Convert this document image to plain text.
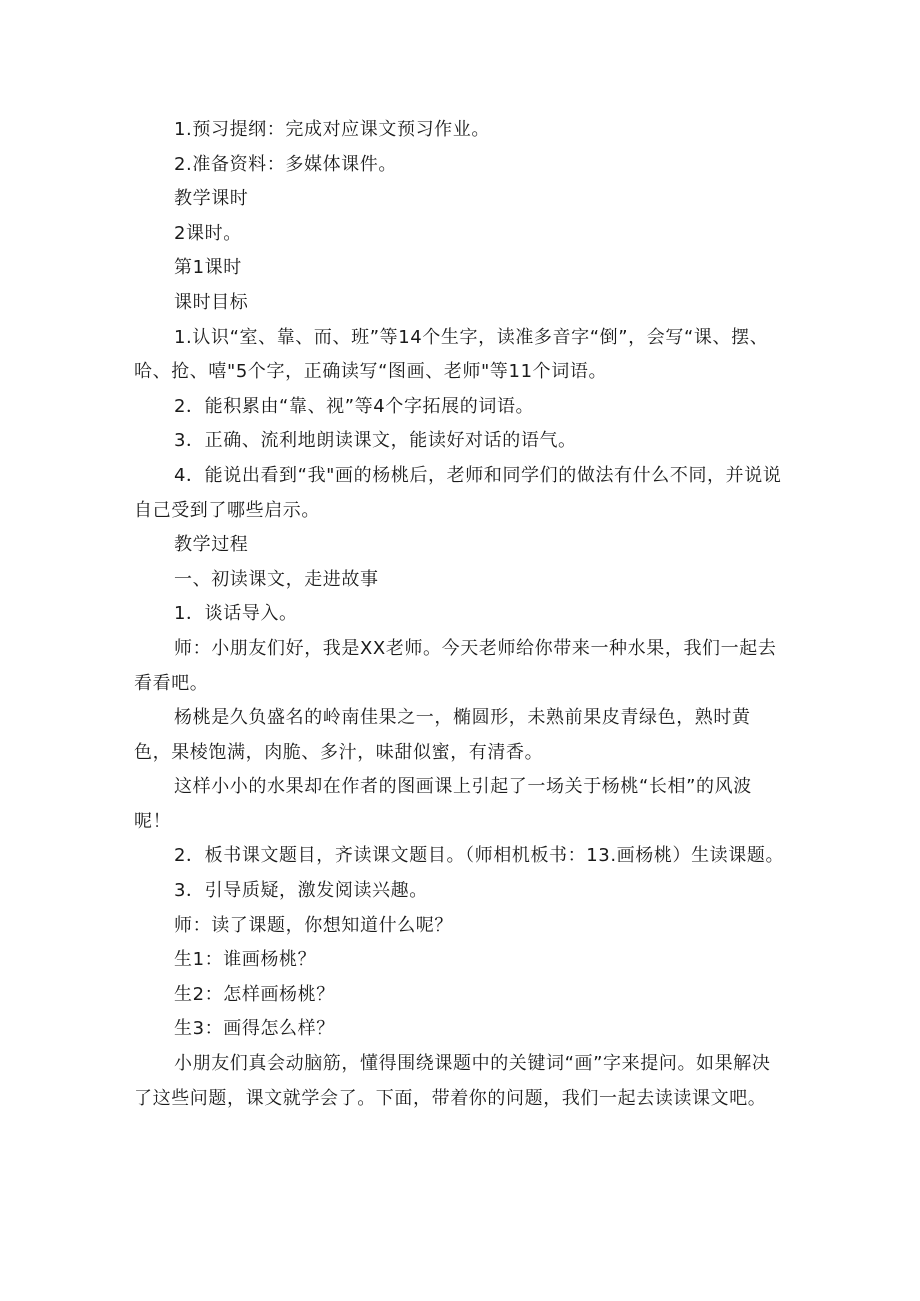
1.预习提纲：完成对应课文预习作业。

2.准备资料：多媒体课件。

教学课时

2课时。

第1课时

课时目标

1.认识“室、靠、而、班”等14个生字，读准多音字“倒”，会写“课、摆、哈、抢、嘻"5个字，正确读写“图画、老师"等11个词语。

2．能积累由“靠、视”等4个字拓展的词语。

3．正确、流利地朗读课文，能读好对话的语气。

4．能说出看到“我"画的杨桃后，老师和同学们的做法有什么不同，并说说自己受到了哪些启示。

教学过程

一、初读课文，走进故事

1．谈话导入。

师：小朋友们好，我是XX老师。今天老师给你带来一种水果，我们一起去看看吧。

杨桃是久负盛名的岭南佳果之一，椭圆形，未熟前果皮青绿色，熟时黄色，果棱饱满，肉脆、多汁，味甜似蜜，有清香。

这样小小的水果却在作者的图画课上引起了一场关于杨桃“长相”的风波呢！

2．板书课文题目，齐读课文题目。（师相机板书：13.画杨桃）生读课题。

3．引导质疑，激发阅读兴趣。

师：读了课题，你想知道什么呢？

生1：谁画杨桃？

生2：怎样画杨桃？

生3：画得怎么样？

小朋友们真会动脑筋，懂得围绕课题中的关键词“画”字来提问。如果解决了这些问题，课文就学会了。下面，带着你的问题，我们一起去读读课文吧。
